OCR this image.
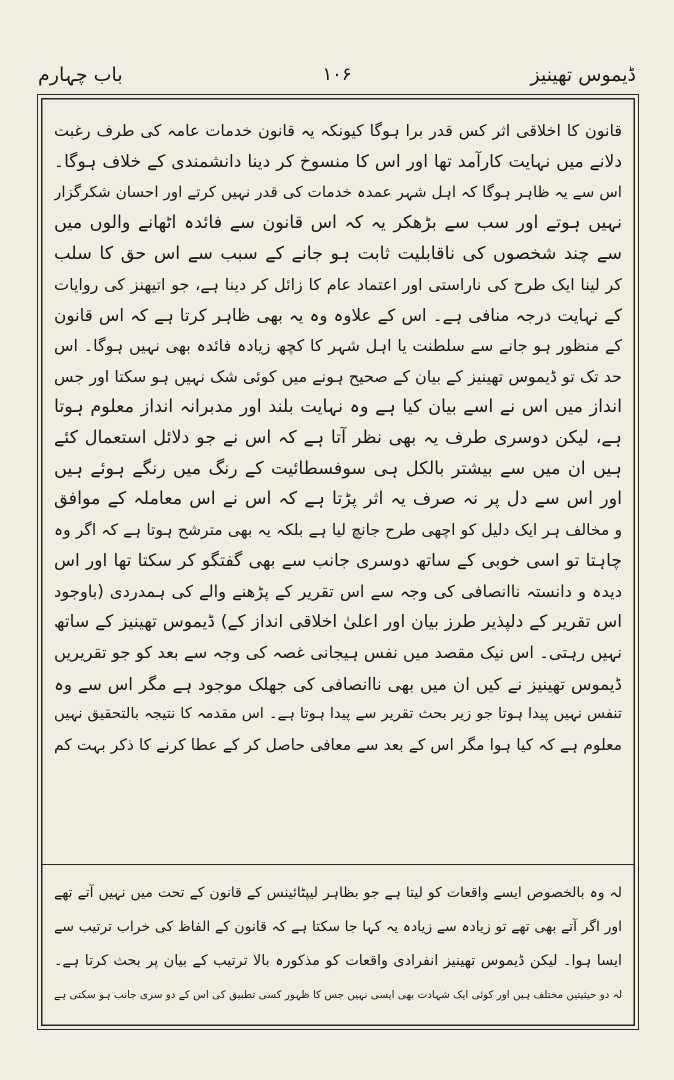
ڈیموس تھینیز
۱۰۶
باب چہارم
قانون کا اخلاقی اثر کس قدر برا ہوگا کیونکہ یہ قانون خدمات عامہ کی طرف رغبت
دلانے میں نہایت کارآمد تھا اور اس کا منسوخ کر دینا دانشمندی کے خلاف ہوگا۔
اس سے یہ ظاہر ہوگا کہ اہل شہر عمدہ خدمات کی قدر نہیں کرتے اور احسان شکرگزار
نہیں ہوتے اور سب سے بڑھکر یہ کہ اس قانون سے فائدہ اٹھانے والوں میں
سے چند شخصوں کی ناقابلیت ثابت ہو جانے کے سبب سے اس حق کا سلب
کر لینا ایک طرح کی ناراستی اور اعتماد عام کا زائل کر دینا ہے، جو اتیھنز کی روایات
کے نہایت درجہ منافی ہے۔ اس کے علاوہ وہ یہ بھی ظاہر کرتا ہے کہ اس قانون
کے منظور ہو جانے سے سلطنت یا اہل شہر کا کچھ زیادہ فائدہ بھی نہیں ہوگا۔ اس
حد تک تو ڈیموس تھینیز کے بیان کے صحیح ہونے میں کوئی شک نہیں ہو سکتا اور جس
انداز میں اس نے اسے بیان کیا ہے وہ نہایت بلند اور مدبرانہ انداز معلوم ہوتا
ہے، لیکن دوسری طرف یہ بھی نظر آتا ہے کہ اس نے جو دلائل استعمال کئے
ہیں ان میں سے بیشتر بالکل ہی سوفسطائیت کے رنگ میں رنگے ہوئے ہیں
اور اس سے دل پر نہ صرف یہ اثر پڑتا ہے کہ اس نے اس معاملہ کے موافق
و مخالف ہر ایک دلیل کو اچھی طرح جانچ لیا ہے بلکہ یہ بھی مترشح ہوتا ہے کہ اگر وہ
چاہتا تو اسی خوبی کے ساتھ دوسری جانب سے بھی گفتگو کر سکتا تھا اور اس
دیدہ و دانستہ ناانصافی کی وجہ سے اس تقریر کے پڑھنے والے کی ہمدردی (باوجود
اس تقریر کے دلپذیر طرز بیان اور اعلیٰ اخلاقی انداز کے) ڈیموس تھینیز کے ساتھ
نہیں رہتی۔ اس نیک مقصد میں نفس ہیجانی غصہ کی وجہ سے بعد کو جو تقریریں
ڈیموس تھینیز نے کیں ان میں بھی ناانصافی کی جھلک موجود ہے مگر اس سے وہ
تنفس نہیں پیدا ہوتا جو زیر بحث تقریر سے پیدا ہوتا ہے۔ اس مقدمہ کا نتیجہ بالتحقیق نہیں
معلوم ہے کہ کیا ہوا مگر اس کے بعد سے معافی حاصل کر کے عطا کرنے کا ذکر بہت کم
لہ وہ بالخصوص ایسے واقعات کو لیتا ہے جو بظاہر لیپٹائینس کے قانون کے تحت میں نہیں آتے تھے
اور اگر آتے بھی تھے تو زیادہ سے زیادہ یہ کہا جا سکتا ہے کہ قانون کے الفاظ کی خراب ترتیب سے
ایسا ہوا۔ لیکن ڈیموس تھینیز انفرادی واقعات کو مذکورہ بالا ترتیب کے بیان پر بحث کرتا ہے۔
لہ دو حیثیتیں مختلف ہیں اور کوئی ایک شہادت بھی ایسی نہیں جس کا ظہور کسی تطبیق کی اس کے دو سری جانب ہو سکتی ہے
